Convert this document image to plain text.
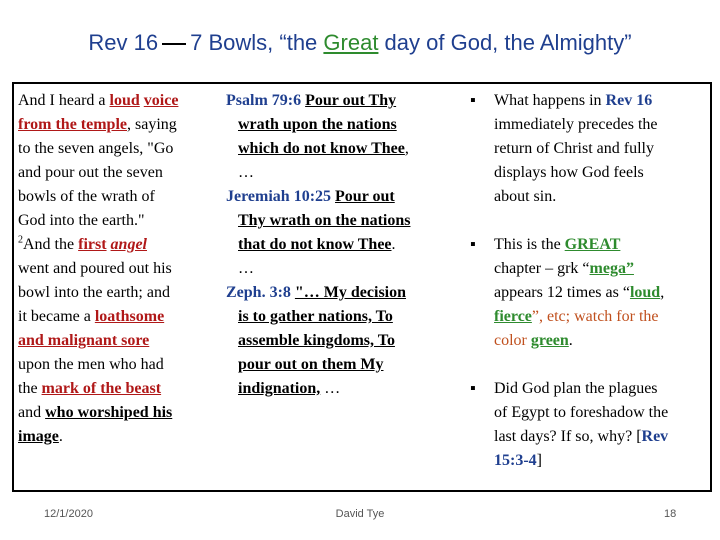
Rev 16 7 Bowls, “the Great day of God, the Almighty”
And I heard a loud voice
from the temple, saying
to the seven angels, "Go
and pour out the seven
bowls of the wrath of
God into the earth."
$^2$And the first angel
went and poured out his
bowl into the earth; and
it became a loathsome
and malignant sore
upon the men who had
the mark of the beast
and who worshiped his
image.
Psalm 79:6 Pour out Thy
wrath upon the nations
which do not know Thee,
…
Jeremiah 10:25 Pour out
Thy wrath on the nations
that do not know Thee.
…
Zeph. 3:8 "… My decision
is to gather nations, To
assemble kingdoms, To
pour out on them My
indignation, …
▪ What happens in Rev 16
immediately precedes the
return of Christ and fully
displays how God feels
about sin.
▪ This is the GREAT
chapter – grk “mega”
appears 12 times as “loud,
fierce”, etc; watch for the
color green.
▪ Did God plan the plagues
of Egypt to foreshadow the
last days? If so, why? [Rev
15:3-4]
12/1/2020	David Tye	18
